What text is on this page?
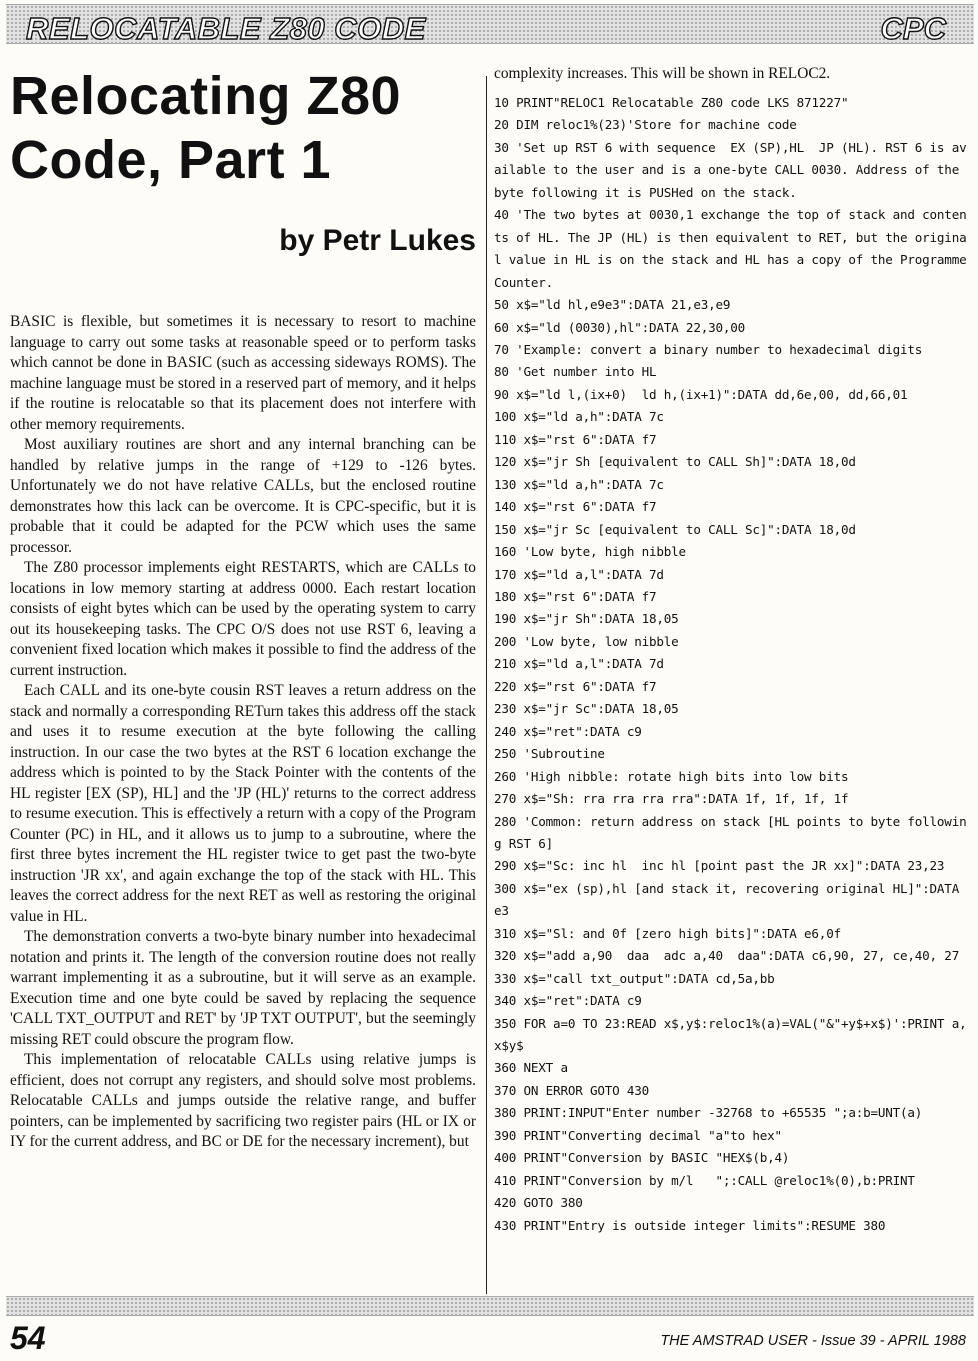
RELOCATABLE Z80 CODE	CPC
Relocating Z80 Code, Part 1
by Petr Lukes

BASIC is flexible, but sometimes it is necessary to resort to machine language to carry out some tasks at reasonable speed or to perform tasks which cannot be done in BASIC (such as accessing sideways ROMS). The machine language must be stored in a reserved part of memory, and it helps if the routine is relocatable so that its placement does not interfere with other memory requirements.

Most auxiliary routines are short and any internal branching can be handled by relative jumps in the range of +129 to -126 bytes. Unfortunately we do not have relative CALLs, but the enclosed routine demonstrates how this lack can be overcome. It is CPC-specific, but it is probable that it could be adapted for the PCW which uses the same processor.

The Z80 processor implements eight RESTARTS, which are CALLs to locations in low memory starting at address 0000. Each restart location consists of eight bytes which can be used by the operating system to carry out its housekeeping tasks. The CPC O/S does not use RST 6, leaving a convenient fixed location which makes it possible to find the address of the current instruction.

Each CALL and its one-byte cousin RST leaves a return address on the stack and normally a corresponding RETurn takes this address off the stack and uses it to resume execution at the byte following the calling instruction. In our case the two bytes at the RST 6 location exchange the address which is pointed to by the Stack Pointer with the contents of the HL register [EX (SP), HL] and the 'JP (HL)' returns to the correct address to resume execution. This is effectively a return with a copy of the Program Counter (PC) in HL, and it allows us to jump to a subroutine, where the first three bytes increment the HL register twice to get past the two-byte instruction 'JR xx', and again exchange the top of the stack with HL. This leaves the correct address for the next RET as well as restoring the original value in HL.

The demonstration converts a two-byte binary number into hexadecimal notation and prints it. The length of the conversion routine does not really warrant implementing it as a subroutine, but it will serve as an example. Execution time and one byte could be saved by replacing the sequence 'CALL TXT_OUTPUT and RET' by 'JP TXT OUTPUT', but the seemingly missing RET could obscure the program flow.

This implementation of relocatable CALLs using relative jumps is efficient, does not corrupt any registers, and should solve most problems. Relocatable CALLs and jumps outside the relative range, and buffer pointers, can be implemented by sacrificing two register pairs (HL or IX or IY for the current address, and BC or DE for the necessary increment), but

complexity increases. This will be shown in RELOC2.

10 PRINT"RELOC1 Relocatable Z80 code LKS 871227"
20 DIM reloc1%(23)'Store for machine code
30 'Set up RST 6 with sequence  EX (SP),HL  JP (HL). RST 6 is available to the user and is a one-byte CALL 0030. Address of the byte following it is PUSHed on the stack.
40 'The two bytes at 0030,1 exchange the top of stack and contents of HL. The JP (HL) is then equivalent to RET, but the original value in HL is on the stack and HL has a copy of the Programme Counter.
50 x$="ld hl,e9e3":DATA 21,e3,e9
60 x$="ld (0030),hl":DATA 22,30,00
70 'Example: convert a binary number to hexadecimal digits
80 'Get number into HL
90 x$="ld l,(ix+0)  ld h,(ix+1)":DATA dd,6e,00, dd,66,01
100 x$="ld a,h":DATA 7c
110 x$="rst 6":DATA f7
120 x$="jr Sh [equivalent to CALL Sh]":DATA 18,0d
130 x$="ld a,h":DATA 7c
140 x$="rst 6":DATA f7
150 x$="jr Sc [equivalent to CALL Sc]":DATA 18,0d
160 'Low byte, high nibble
170 x$="ld a,l":DATA 7d
180 x$="rst 6":DATA f7
190 x$="jr Sh":DATA 18,05
200 'Low byte, low nibble
210 x$="ld a,l":DATA 7d
220 x$="rst 6":DATA f7
230 x$="jr Sc":DATA 18,05
240 x$="ret":DATA c9
250 'Subroutine
260 'High nibble: rotate high bits into low bits
270 x$="Sh: rra rra rra rra":DATA 1f, 1f, 1f, 1f
280 'Common: return address on stack [HL points to byte following RST 6]
290 x$="Sc: inc hl  inc hl [point past the JR xx]":DATA 23,23
300 x$="ex (sp),hl [and stack it, recovering original HL]":DATA e3
310 x$="Sl: and 0f [zero high bits]":DATA e6,0f
320 x$="add a,90  daa  adc a,40  daa":DATA c6,90, 27, ce,40, 27
330 x$="call txt_output":DATA cd,5a,bb
340 x$="ret":DATA c9
350 FOR a=0 TO 23:READ x$,y$:reloc1%(a)=VAL("&"+y$+x$)':PRINT a,x$y$
360 NEXT a
370 ON ERROR GOTO 430
380 PRINT:INPUT"Enter number -32768 to +65535 ";a:b=UNT(a)
390 PRINT"Converting decimal "a"to hex"
400 PRINT"Conversion by BASIC "HEX$(b,4)
410 PRINT"Conversion by m/l   ";:CALL @reloc1%(0),b:PRINT
420 GOTO 380
430 PRINT"Entry is outside integer limits":RESUME 380
54	THE AMSTRAD USER - Issue 39 - APRIL 1988
